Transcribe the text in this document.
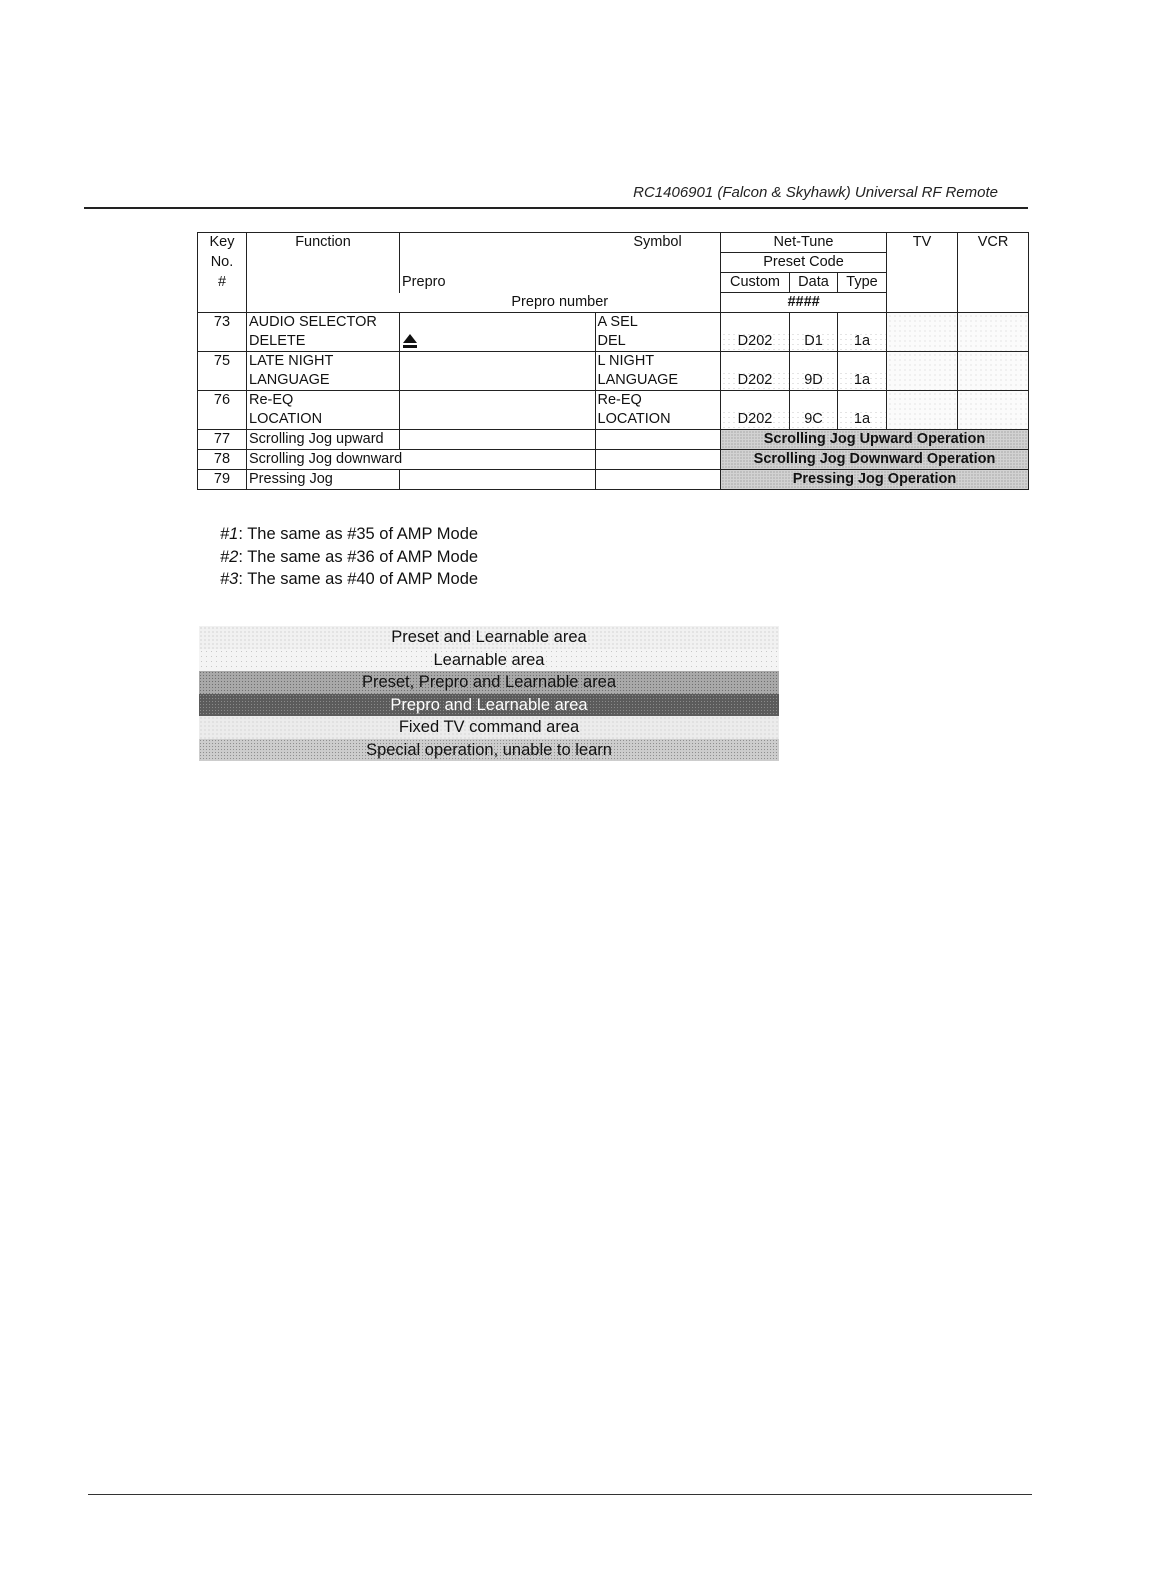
RC1406901 (Falcon & Skyhawk) Universal RF Remote
Key	Function		Symbol	Net-Tune			TV	VCR
No.				Preset Code				
#		Prepro		Custom	Data	Type		
		Prepro number		####				
73	AUDIO SELECTOR		A SEL					
	DELETE		DEL	D202	D1	1a		
75	LATE NIGHT		L NIGHT					
	LANGUAGE		LANGUAGE	D202	9D	1a		
76	Re-EQ		Re-EQ					
	LOCATION		LOCATION	D202	9C	1a		
77	Scrolling Jog upward			Scrolling Jog Upward Operation				
78	Scrolling Jog downward			Scrolling Jog Downward Operation				
79	Pressing Jog			Pressing Jog Operation				
#1: The same as #35 of AMP Mode
#2: The same as #36 of AMP Mode
#3: The same as #40 of AMP Mode
Preset and Learnable area
Learnable area
Preset, Prepro and Learnable area
Prepro and Learnable area
Fixed TV command area
Special operation, unable to learn
